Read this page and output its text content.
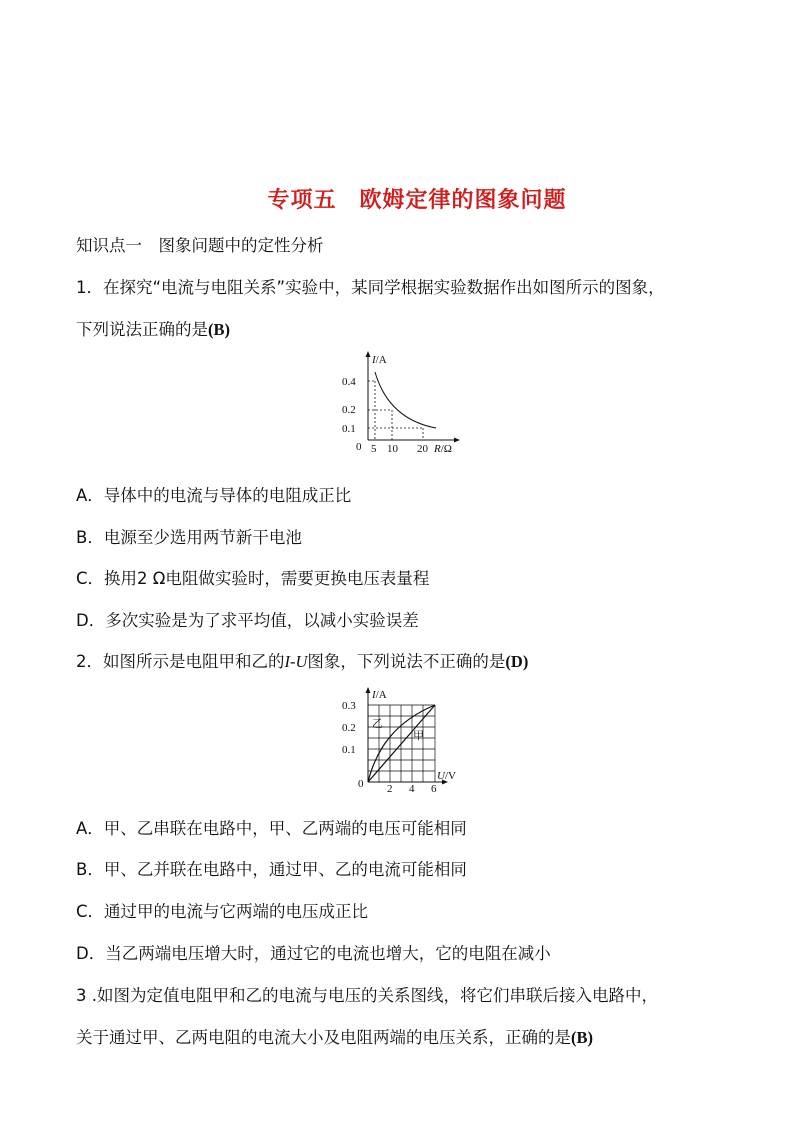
专项五　欧姆定律的图象问题
知识点一　图象问题中的定性分析
1．在探究“电流与电阻关系”实验中，某同学根据实验数据作出如图所示的图象，
下列说法正确的是(B)
I/A
0.4
0.2
0.1
0 5 10 20 R/Ω
A．导体中的电流与导体的电阻成正比
B．电源至少选用两节新干电池
C．换用2 Ω电阻做实验时，需要更换电压表量程
D．多次实验是为了求平均值，以减小实验误差
2．如图所示是电阻甲和乙的I-U图象，下列说法不正确的是(D)
I/A
0.3
0.2
0.1
0 2 4 6
U/V
乙
甲
A．甲、乙串联在电路中，甲、乙两端的电压可能相同
B．甲、乙并联在电路中，通过甲、乙的电流可能相同
C．通过甲的电流与它两端的电压成正比
D．当乙两端电压增大时，通过它的电流也增大，它的电阻在减小
3 .如图为定值电阻甲和乙的电流与电压的关系图线，将它们串联后接入电路中，
关于通过甲、乙两电阻的电流大小及电阻两端的电压关系，正确的是(B)
